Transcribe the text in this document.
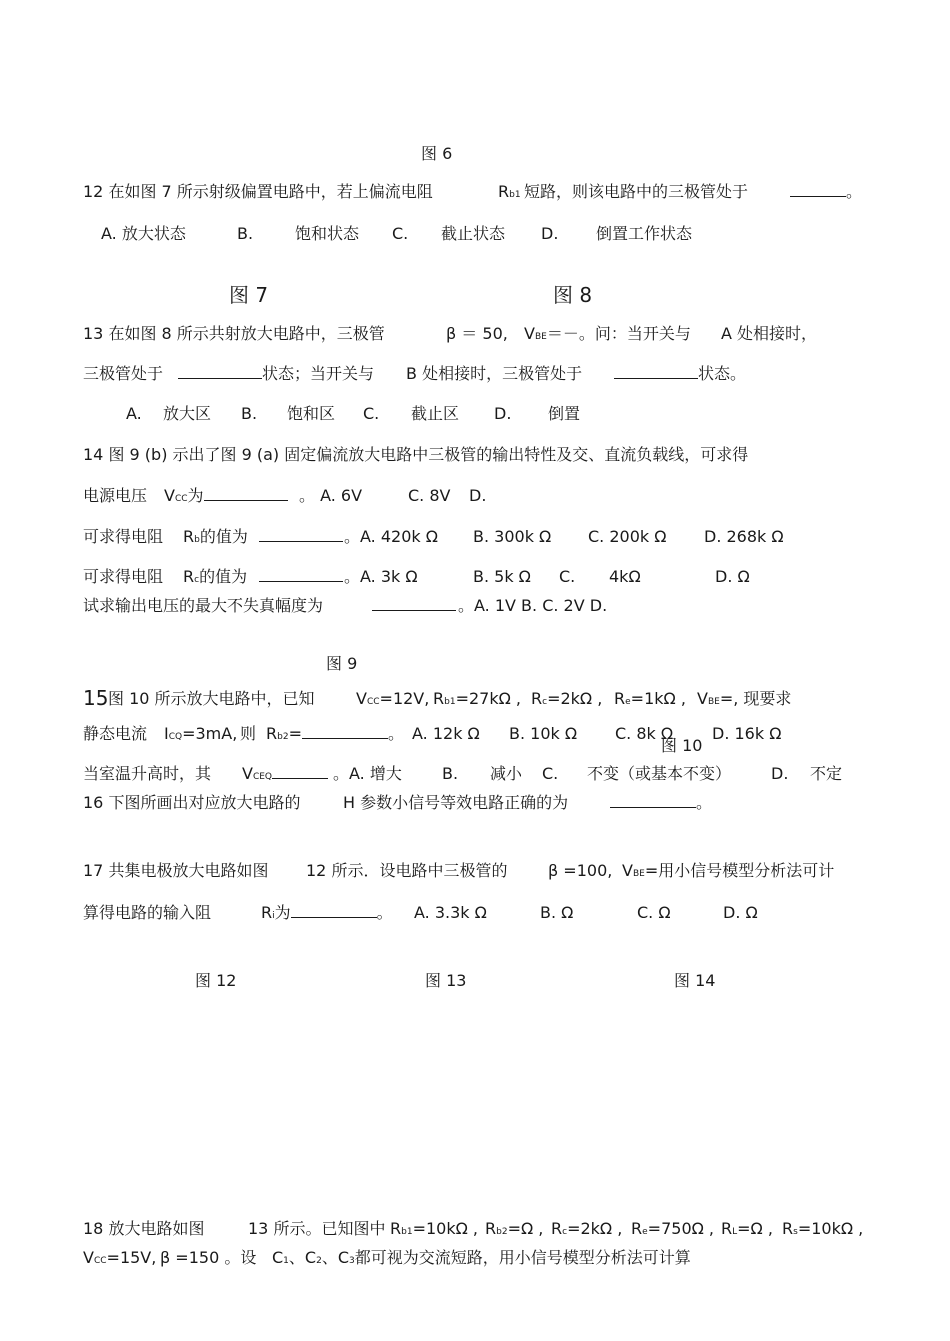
图 6
12 在如图 7 所示射级偏置电路中，若上偏流电阻	Rb1 短路，则该电路中的三极管处于	。
A. 放大状态	B.	饱和状态 C. 截止状态 D. 倒置工作状态
图 7	图 8
13 在如图 8 所示共射放大电路中，三极管	β ＝ 50, VBE＝－。问：当开关与 A 处相接时，
三极管处于	状态；当开关与 B 处相接时，三极管处于	状态。
A. 放大区 B. 饱和区 C. 截止区 D. 倒置
14 图 9 (b) 示出了图 9 (a) 固定偏流放大电路中三极管的输出特性及交、直流负载线，可求得
电源电压 VCC为	。 A. 6V	C. 8V D.
可求得电阻 Rb的值为	。A. 420k Ω B. 300k Ω C. 200k Ω D. 268k Ω
可求得电阻 Rc的值为	。A. 3k Ω	B. 5k Ω C. 4kΩ	D. Ω
试求输出电压的最大不失真幅度为	。A. 1V B. C. 2V D.
图 9
15 图 10 所示放大电路中，已知	VCC=12V, Rb1=27kΩ , Rc=2kΩ , Re=1kΩ , VBE=, 现要求
静态电流 ICQ=3mA, 则 Rb2=	。 A. 12k Ω B. 10k Ω C. 8k Ω D. 16k Ω
图 10
当室温升高时，其 VCEQ	。A. 增大	B. 减小 C. 不变（或基本不变） D. 不定
16 下图所画出对应放大电路的	H 参数小信号等效电路正确的为	。
17 共集电极放大电路如图 12 所示．设电路中三极管的	β =100, VBE=用小信号模型分析法可计
算得电路的输入阻	Ri为	。 A. 3.3k Ω	B. Ω	C. Ω	D. Ω
图 12	图 13	图 14
18 放大电路如图	13 所示。已知图中 Rb1=10kΩ , Rb2=Ω , Rc=2kΩ , Re=750Ω , RL=Ω , Rs=10kΩ ,
VCC=15V, β =150 。设 C1、C2、C3都可视为交流短路，用小信号模型分析法可计算
